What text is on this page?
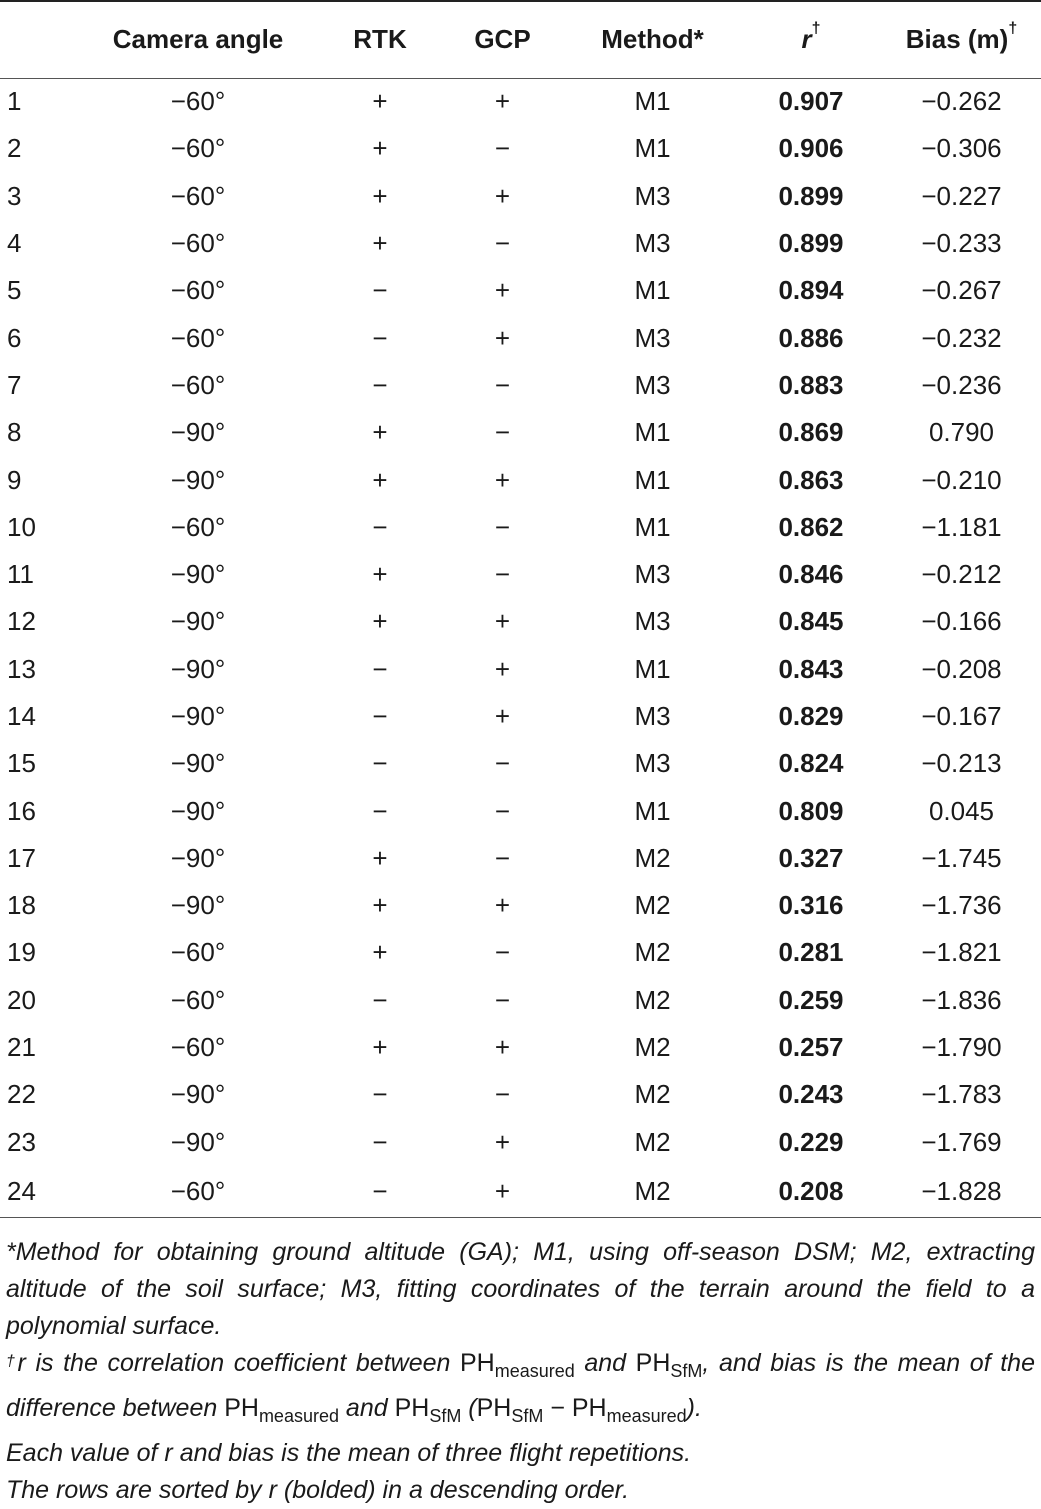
	Camera angle	RTK	GCP	Method*	r†	Bias (m)†
1	−60°	+	+	M1	0.907	−0.262
2	−60°	+	−	M1	0.906	−0.306
3	−60°	+	+	M3	0.899	−0.227
4	−60°	+	−	M3	0.899	−0.233
5	−60°	−	+	M1	0.894	−0.267
6	−60°	−	+	M3	0.886	−0.232
7	−60°	−	−	M3	0.883	−0.236
8	−90°	+	−	M1	0.869	0.790
9	−90°	+	+	M1	0.863	−0.210
10	−60°	−	−	M1	0.862	−1.181
11	−90°	+	−	M3	0.846	−0.212
12	−90°	+	+	M3	0.845	−0.166
13	−90°	−	+	M1	0.843	−0.208
14	−90°	−	+	M3	0.829	−0.167
15	−90°	−	−	M3	0.824	−0.213
16	−90°	−	−	M1	0.809	0.045
17	−90°	+	−	M2	0.327	−1.745
18	−90°	+	+	M2	0.316	−1.736
19	−60°	+	−	M2	0.281	−1.821
20	−60°	−	−	M2	0.259	−1.836
21	−60°	+	+	M2	0.257	−1.790
22	−90°	−	−	M2	0.243	−1.783
23	−90°	−	+	M2	0.229	−1.769
24	−60°	−	+	M2	0.208	−1.828

*Method for obtaining ground altitude (GA); M1, using off-season DSM; M2, extracting altitude of the soil surface; M3, fitting coordinates of the terrain around the field to a polynomial surface.

†r is the correlation coefficient between $PH_{measured}$ and $PH_{SfM}$, and bias is the mean of the difference between $PH_{measured}$ and $PH_{SfM}$ $(PH_{SfM} - PH_{measured})$.

Each value of r and bias is the mean of three flight repetitions.

The rows are sorted by r (bolded) in a descending order.
